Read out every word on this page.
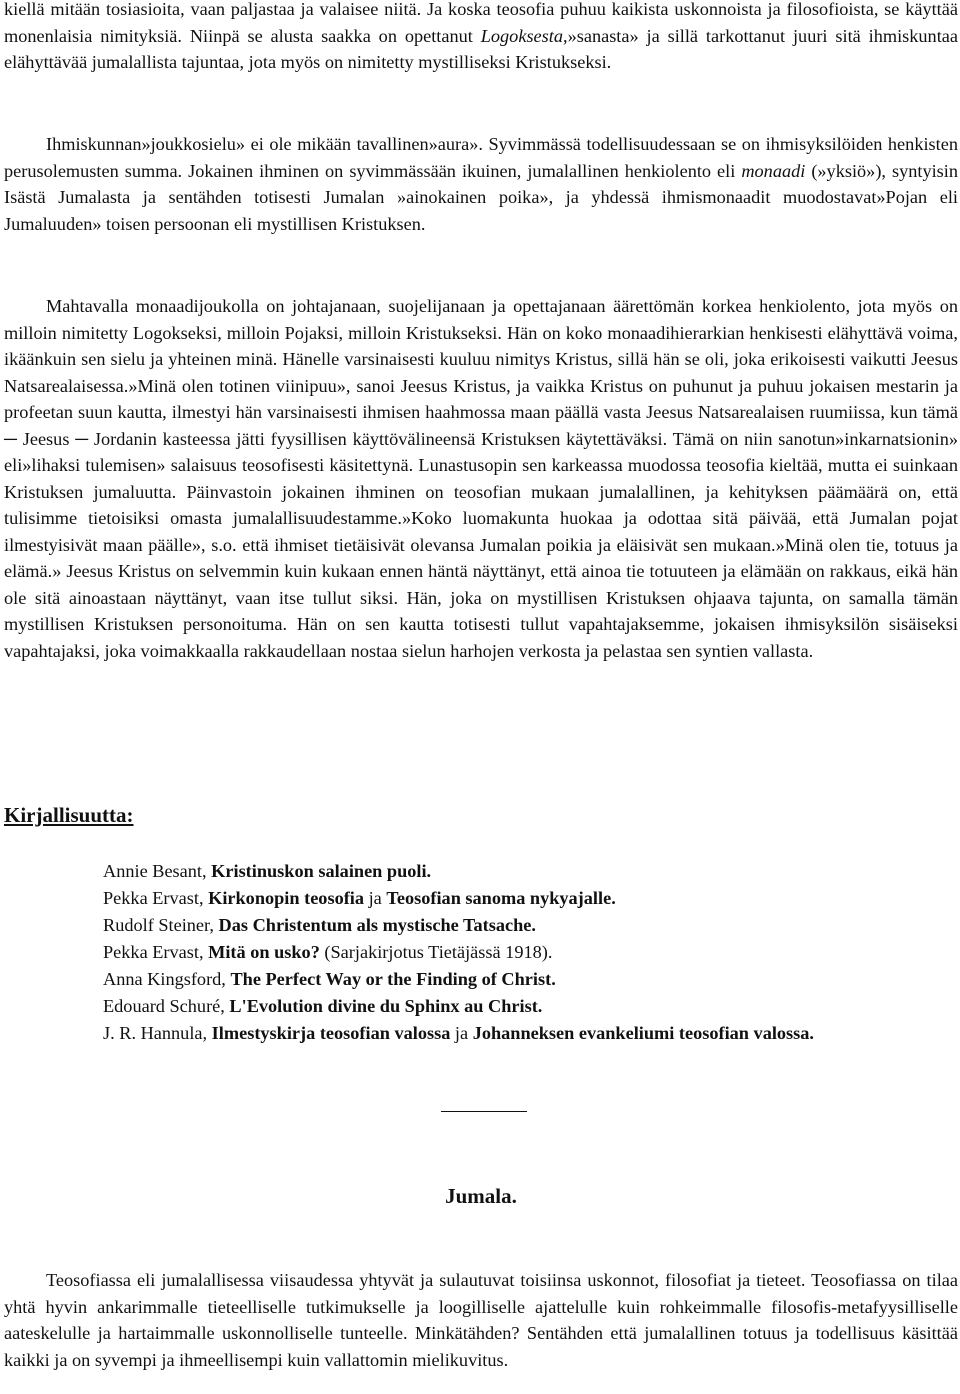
kiellä mitään tosiasioita, vaan paljastaa ja valaisee niitä. Ja koska teosofia puhuu kaikista uskonnoista ja filosofioista, se käyttää monenlaisia nimityksiä. Niinpä se alusta saakka on opettanut Logoksesta,»sanasta» ja sillä tarkottanut juuri sitä ihmiskuntaa elähyttävää jumalallista tajuntaa, jota myös on nimitetty mystilliseksi Kristukseksi.

Ihmiskunnan»joukkosielu» ei ole mikään tavallinen»aura». Syvimmässä todellisuudessaan se on ihmisyksilöiden henkisten perusolemusten summa. Jokainen ihminen on syvimmässään ikuinen, jumalallinen henkiolento eli monaadi (»yksiö»), syntyisin Isästä Jumalasta ja sentähden totisesti Jumalan »ainokainen poika», ja yhdessä ihmismonaadit muodostavat»Pojan eli Jumaluuden» toisen persoonan eli mystillisen Kristuksen.

Mahtavalla monaadijoukolla on johtajanaan, suojelijanaan ja opettajanaan äärettömän korkea henkiolento, jota myös on milloin nimitetty Logokseksi, milloin Pojaksi, milloin Kristukseksi. Hän on koko monaadihierarkian henkisesti elähyttävä voima, ikäänkuin sen sielu ja yhteinen minä. Hänelle varsinaisesti kuuluu nimitys Kristus, sillä hän se oli, joka erikoisesti vaikutti Jeesus Natsarealaisessa.»Minä olen totinen viinipuu», sanoi Jeesus Kristus, ja vaikka Kristus on puhunut ja puhuu jokaisen mestarin ja profeetan suun kautta, ilmestyi hän varsinaisesti ihmisen haahmossa maan päällä vasta Jeesus Natsarealaisen ruumiissa, kun tämä ─ Jeesus ─ Jordanin kasteessa jätti fyysillisen käyttövälineensä Kristuksen käytettäväksi. Tämä on niin sanotun»inkarnatsionin» eli»lihaksi tulemisen» salaisuus teosofisesti käsitettynä. Lunastusopin sen karkeassa muodossa teosofia kieltää, mutta ei suinkaan Kristuksen jumaluutta. Päinvastoin jokainen ihminen on teosofian mukaan jumalallinen, ja kehityksen päämäärä on, että tulisimme tietoisiksi omasta jumalallisuudestamme.»Koko luomakunta huokaa ja odottaa sitä päivää, että Jumalan pojat ilmestyisivät maan päälle», s.o. että ihmiset tietäisivät olevansa Jumalan poikia ja eläisivät sen mukaan.»Minä olen tie, totuus ja elämä.» Jeesus Kristus on selvemmin kuin kukaan ennen häntä näyttänyt, että ainoa tie totuuteen ja elämään on rakkaus, eikä hän ole sitä ainoastaan näyttänyt, vaan itse tullut siksi. Hän, joka on mystillisen Kristuksen ohjaava tajunta, on samalla tämän mystillisen Kristuksen personoituma. Hän on sen kautta totisesti tullut vapahtajaksemme, jokaisen ihmisyksilön sisäiseksi vapahtajaksi, joka voimakkaalla rakkaudellaan nostaa sielun harhojen verkosta ja pelastaa sen syntien vallasta.

Kirjallisuutta:
Annie Besant, Kristinuskon salainen puoli.
Pekka Ervast, Kirkonopin teosofia ja Teosofian sanoma nykyajalle.
Rudolf Steiner, Das Christentum als mystische Tatsache.
Pekka Ervast, Mitä on usko? (Sarjakirjotus Tietäjässä 1918).
Anna Kingsford, The Perfect Way or the Finding of Christ.
Edouard Schuré, L'Evolution divine du Sphinx au Christ.
J. R. Hannula, Ilmestyskirja teosofian valossa ja Johanneksen evankeliumi teosofian valossa.
Jumala.

Teosofiassa eli jumalallisessa viisaudessa yhtyvät ja sulautuvat toisiinsa uskonnot, filosofiat ja tieteet. Teosofiassa on tilaa yhtä hyvin ankarimmalle tieteelliselle tutkimukselle ja loogilliselle ajattelulle kuin rohkeimmalle filosofis-metafyysilliselle aateskelulle ja hartaimmalle uskonnolliselle tunteelle. Minkätähden? Sentähden että jumalallinen totuus ja todellisuus käsittää kaikki ja on syvempi ja ihmeellisempi kuin vallattomin mielikuvitus.
